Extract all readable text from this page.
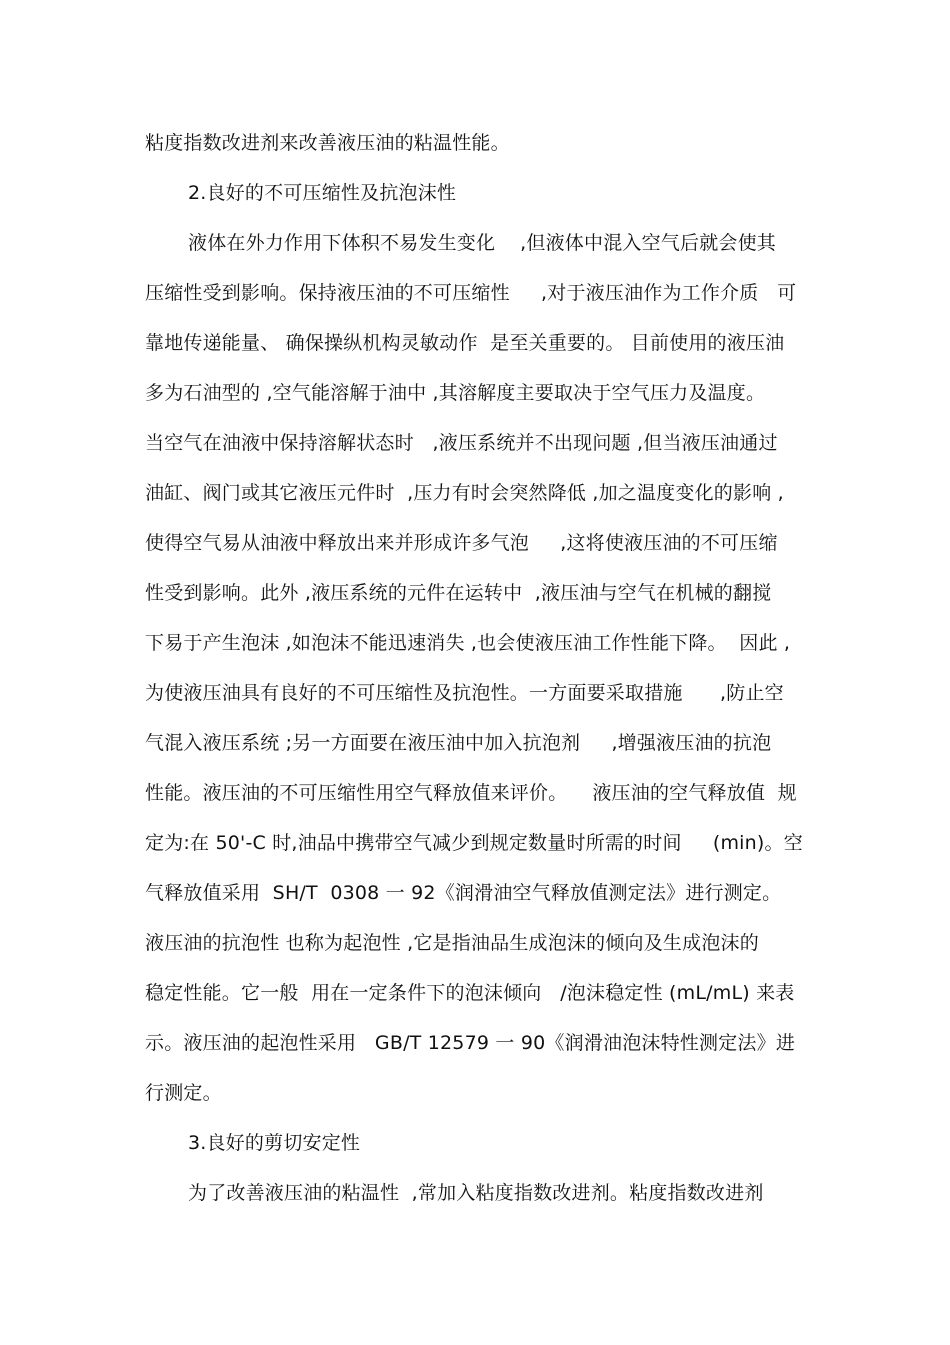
粘度指数改进剂来改善液压油的粘温性能。
2.良好的不可压缩性及抗泡沫性
液体在外力作用下体积不易发生变化    ,但液体中混入空气后就会使其
压缩性受到影响。保持液压油的不可压缩性     ,对于液压油作为工作介质   可
靠地传递能量、 确保操纵机构灵敏动作  是至关重要的。 目前使用的液压油
多为石油型的 ,空气能溶解于油中 ,其溶解度主要取决于空气压力及温度。
当空气在油液中保持溶解状态时   ,液压系统并不出现问题 ,但当液压油通过
油缸、阀门或其它液压元件时  ,压力有时会突然降低 ,加之温度变化的影响 ,
使得空气易从油液中释放出来并形成许多气泡     ,这将使液压油的不可压缩
性受到影响。此外 ,液压系统的元件在运转中  ,液压油与空气在机械的翻搅
下易于产生泡沫 ,如泡沫不能迅速消失 ,也会使液压油工作性能下降。  因此 ,
为使液压油具有良好的不可压缩性及抗泡性。一方面要采取措施      ,防止空
气混入液压系统 ;另一方面要在液压油中加入抗泡剂     ,增强液压油的抗泡
性能。液压油的不可压缩性用空气释放值来评价。    液压油的空气释放值  规
定为:在 50'-C 时,油品中携带空气减少到规定数量时所需的时间     (min)。空
气释放值采用  SH/T  0308 一 92《润滑油空气释放值测定法》进行测定。
液压油的抗泡性 也称为起泡性 ,它是指油品生成泡沫的倾向及生成泡沫的
稳定性能。它一般  用在一定条件下的泡沫倾向   /泡沫稳定性 (mL/mL) 来表
示。液压油的起泡性采用   GB/T 12579 一 90《润滑油泡沫特性测定法》进
行测定。
3.良好的剪切安定性
为了改善液压油的粘温性  ,常加入粘度指数改进剂。粘度指数改进剂
